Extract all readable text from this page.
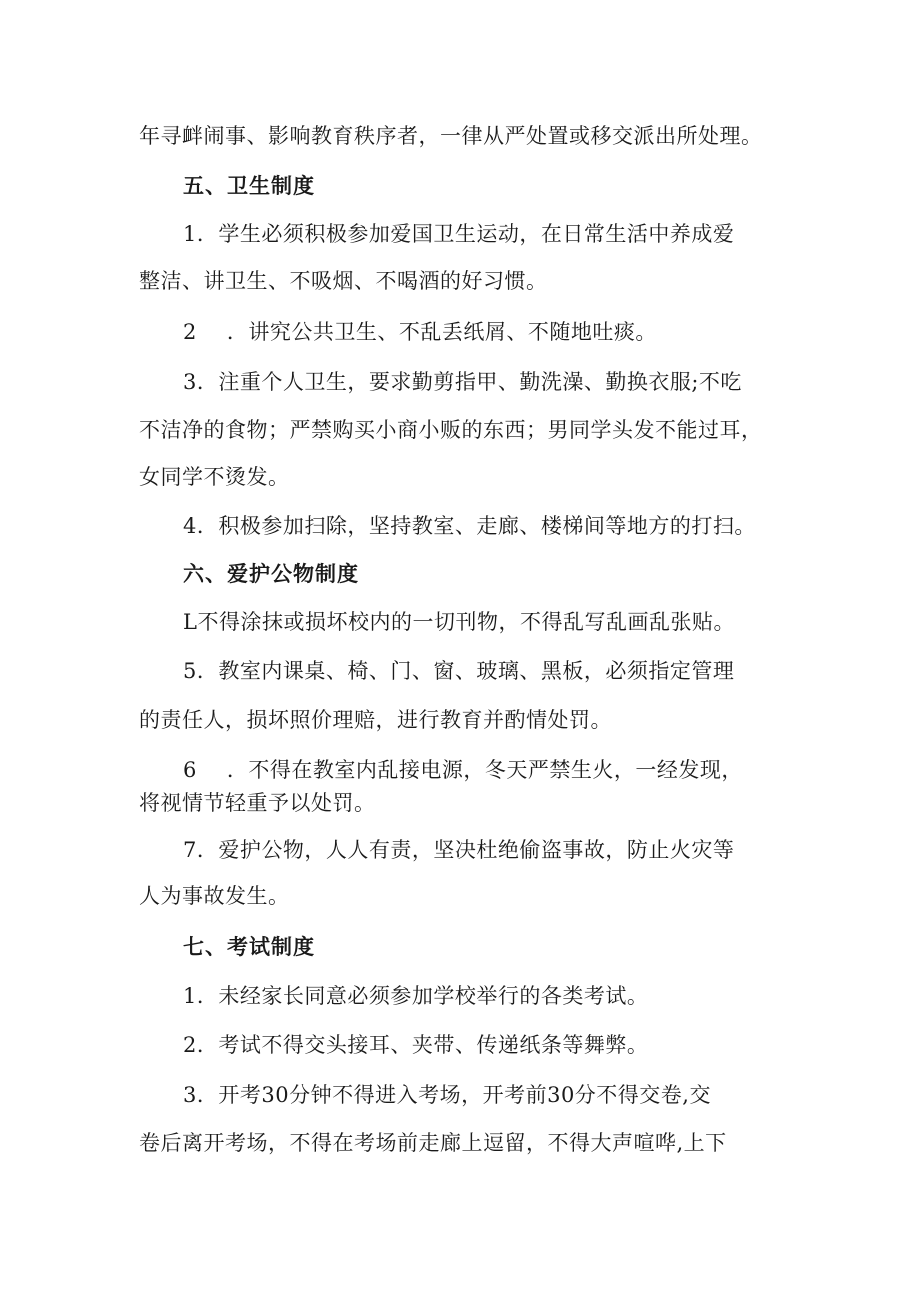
年寻衅闹事、影响教育秩序者，一律从严处置或移交派出所处理。
五、卫生制度
1．学生必须积极参加爱国卫生运动，在日常生活中养成爱
整洁、讲卫生、不吸烟、不喝酒的好习惯。
2 ．讲究公共卫生、不乱丢纸屑、不随地吐痰。
3．注重个人卫生，要求勤剪指甲、勤洗澡、勤换衣服;不吃
不洁净的食物；严禁购买小商小贩的东西；男同学头发不能过耳，
女同学不烫发。
4．积极参加扫除，坚持教室、走廊、楼梯间等地方的打扫。
六、爱护公物制度
L不得涂抹或损坏校内的一切刊物，不得乱写乱画乱张贴。
5．教室内课桌、椅、门、窗、玻璃、黑板，必须指定管理
的责任人，损坏照价理赔，进行教育并酌情处罚。
6 ．不得在教室内乱接电源，冬天严禁生火，一经发现，
将视情节轻重予以处罚。
7．爱护公物，人人有责，坚决杜绝偷盗事故，防止火灾等
人为事故发生。
七、考试制度
1．未经家长同意必须参加学校举行的各类考试。
2．考试不得交头接耳、夹带、传递纸条等舞弊。
3．开考30分钟不得进入考场，开考前30分不得交卷,交
卷后离开考场，不得在考场前走廊上逗留，不得大声喧哗,上下
